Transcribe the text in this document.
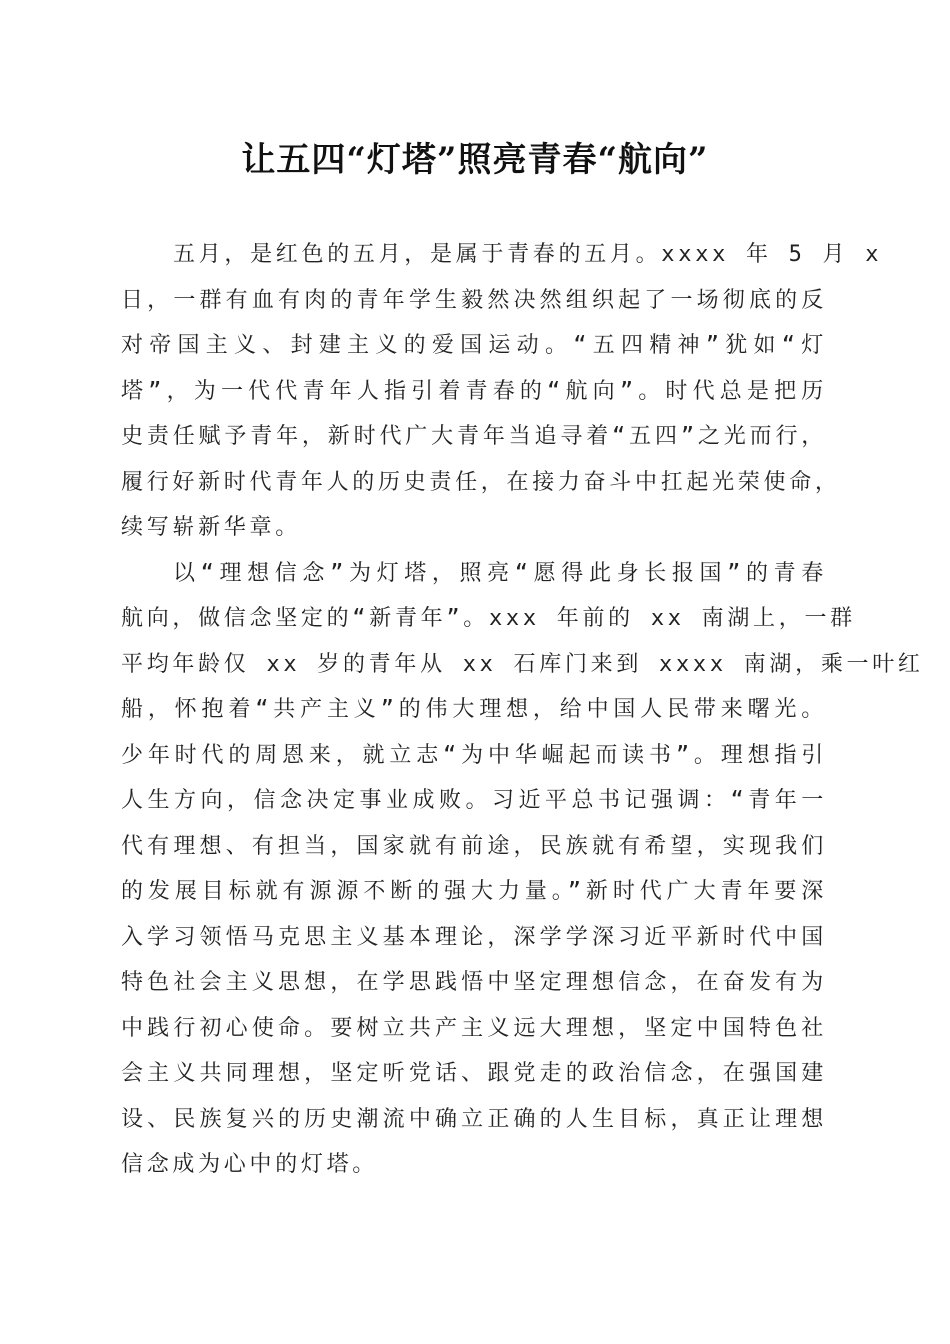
让五四“灯塔”照亮青春“航向”
五月，是红色的五月，是属于青春的五月。xxxx 年 5 月 x
日，一群有血有肉的青年学生毅然决然组织起了一场彻底的反
对帝国主义、封建主义的爱国运动。“五四精神”犹如“灯
塔”，为一代代青年人指引着青春的“航向”。时代总是把历
史责任赋予青年，新时代广大青年当追寻着“五四”之光而行，
履行好新时代青年人的历史责任，在接力奋斗中扛起光荣使命，
续写崭新华章。
以“理想信念”为灯塔，照亮“愿得此身长报国”的青春
航向，做信念坚定的“新青年”。xxx 年前的 xx 南湖上，一群
平均年龄仅 xx 岁的青年从 xx 石库门来到 xxxx 南湖，乘一叶红
船，怀抱着“共产主义”的伟大理想，给中国人民带来曙光。
少年时代的周恩来，就立志“为中华崛起而读书”。理想指引
人生方向，信念决定事业成败。习近平总书记强调：“青年一
代有理想、有担当，国家就有前途，民族就有希望，实现我们
的发展目标就有源源不断的强大力量。”新时代广大青年要深
入学习领悟马克思主义基本理论，深学学深习近平新时代中国
特色社会主义思想，在学思践悟中坚定理想信念，在奋发有为
中践行初心使命。要树立共产主义远大理想，坚定中国特色社
会主义共同理想，坚定听党话、跟党走的政治信念，在强国建
设、民族复兴的历史潮流中确立正确的人生目标，真正让理想
信念成为心中的灯塔。
